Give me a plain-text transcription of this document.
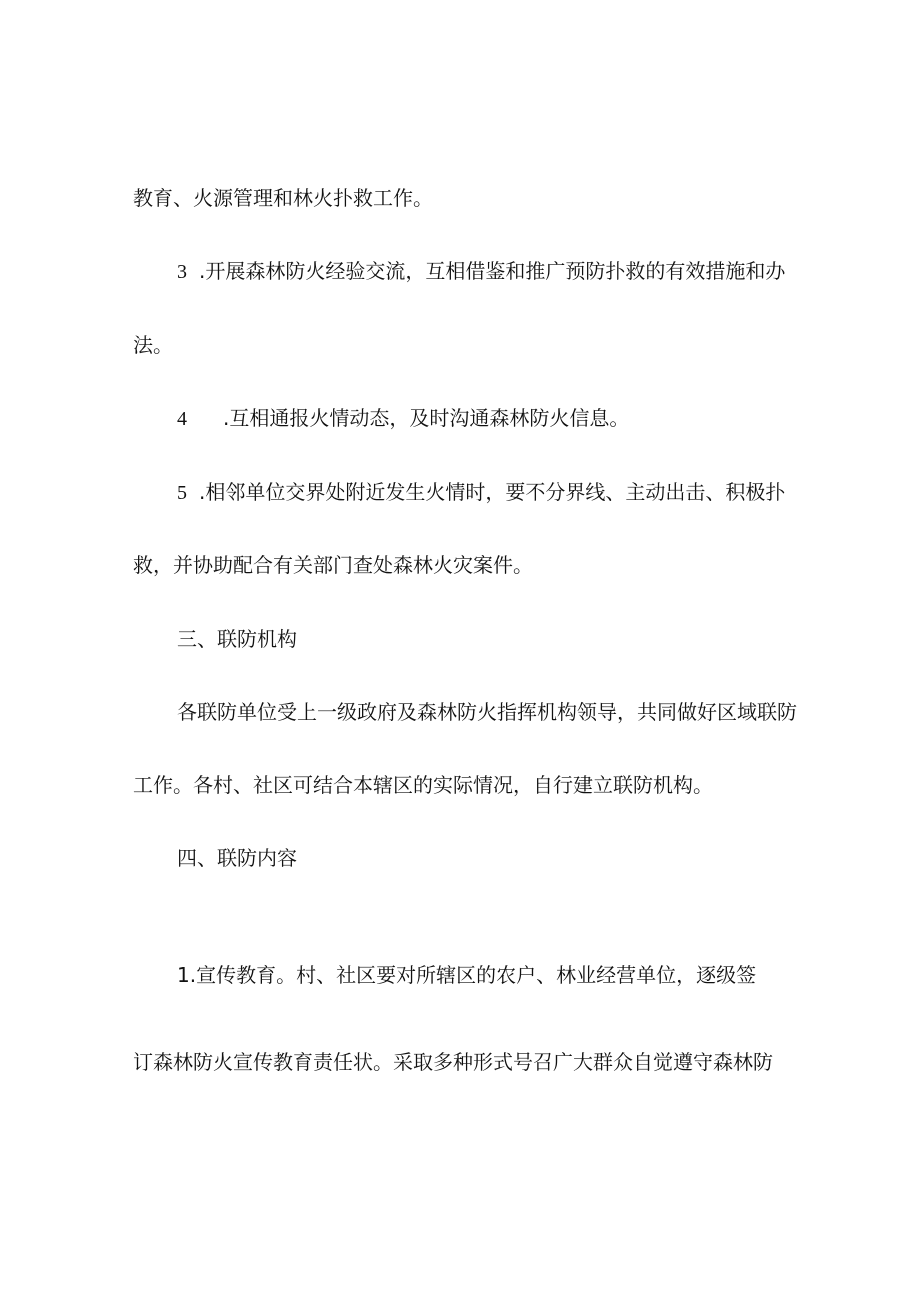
教育、火源管理和林火扑救工作。
3 .开展森林防火经验交流，互相借鉴和推广预防扑救的有效措施和办
法。
4 .互相通报火情动态，及时沟通森林防火信息。
5 .相邻单位交界处附近发生火情时，要不分界线、主动出击、积极扑
救，并协助配合有关部门查处森林火灾案件。
三、联防机构
各联防单位受上一级政府及森林防火指挥机构领导，共同做好区域联防
工作。各村、社区可结合本辖区的实际情况，自行建立联防机构。
四、联防内容
1.宣传教育。村、社区要对所辖区的农户、林业经营单位，逐级签
订森林防火宣传教育责任状。采取多种形式号召广大群众自觉遵守森林防
